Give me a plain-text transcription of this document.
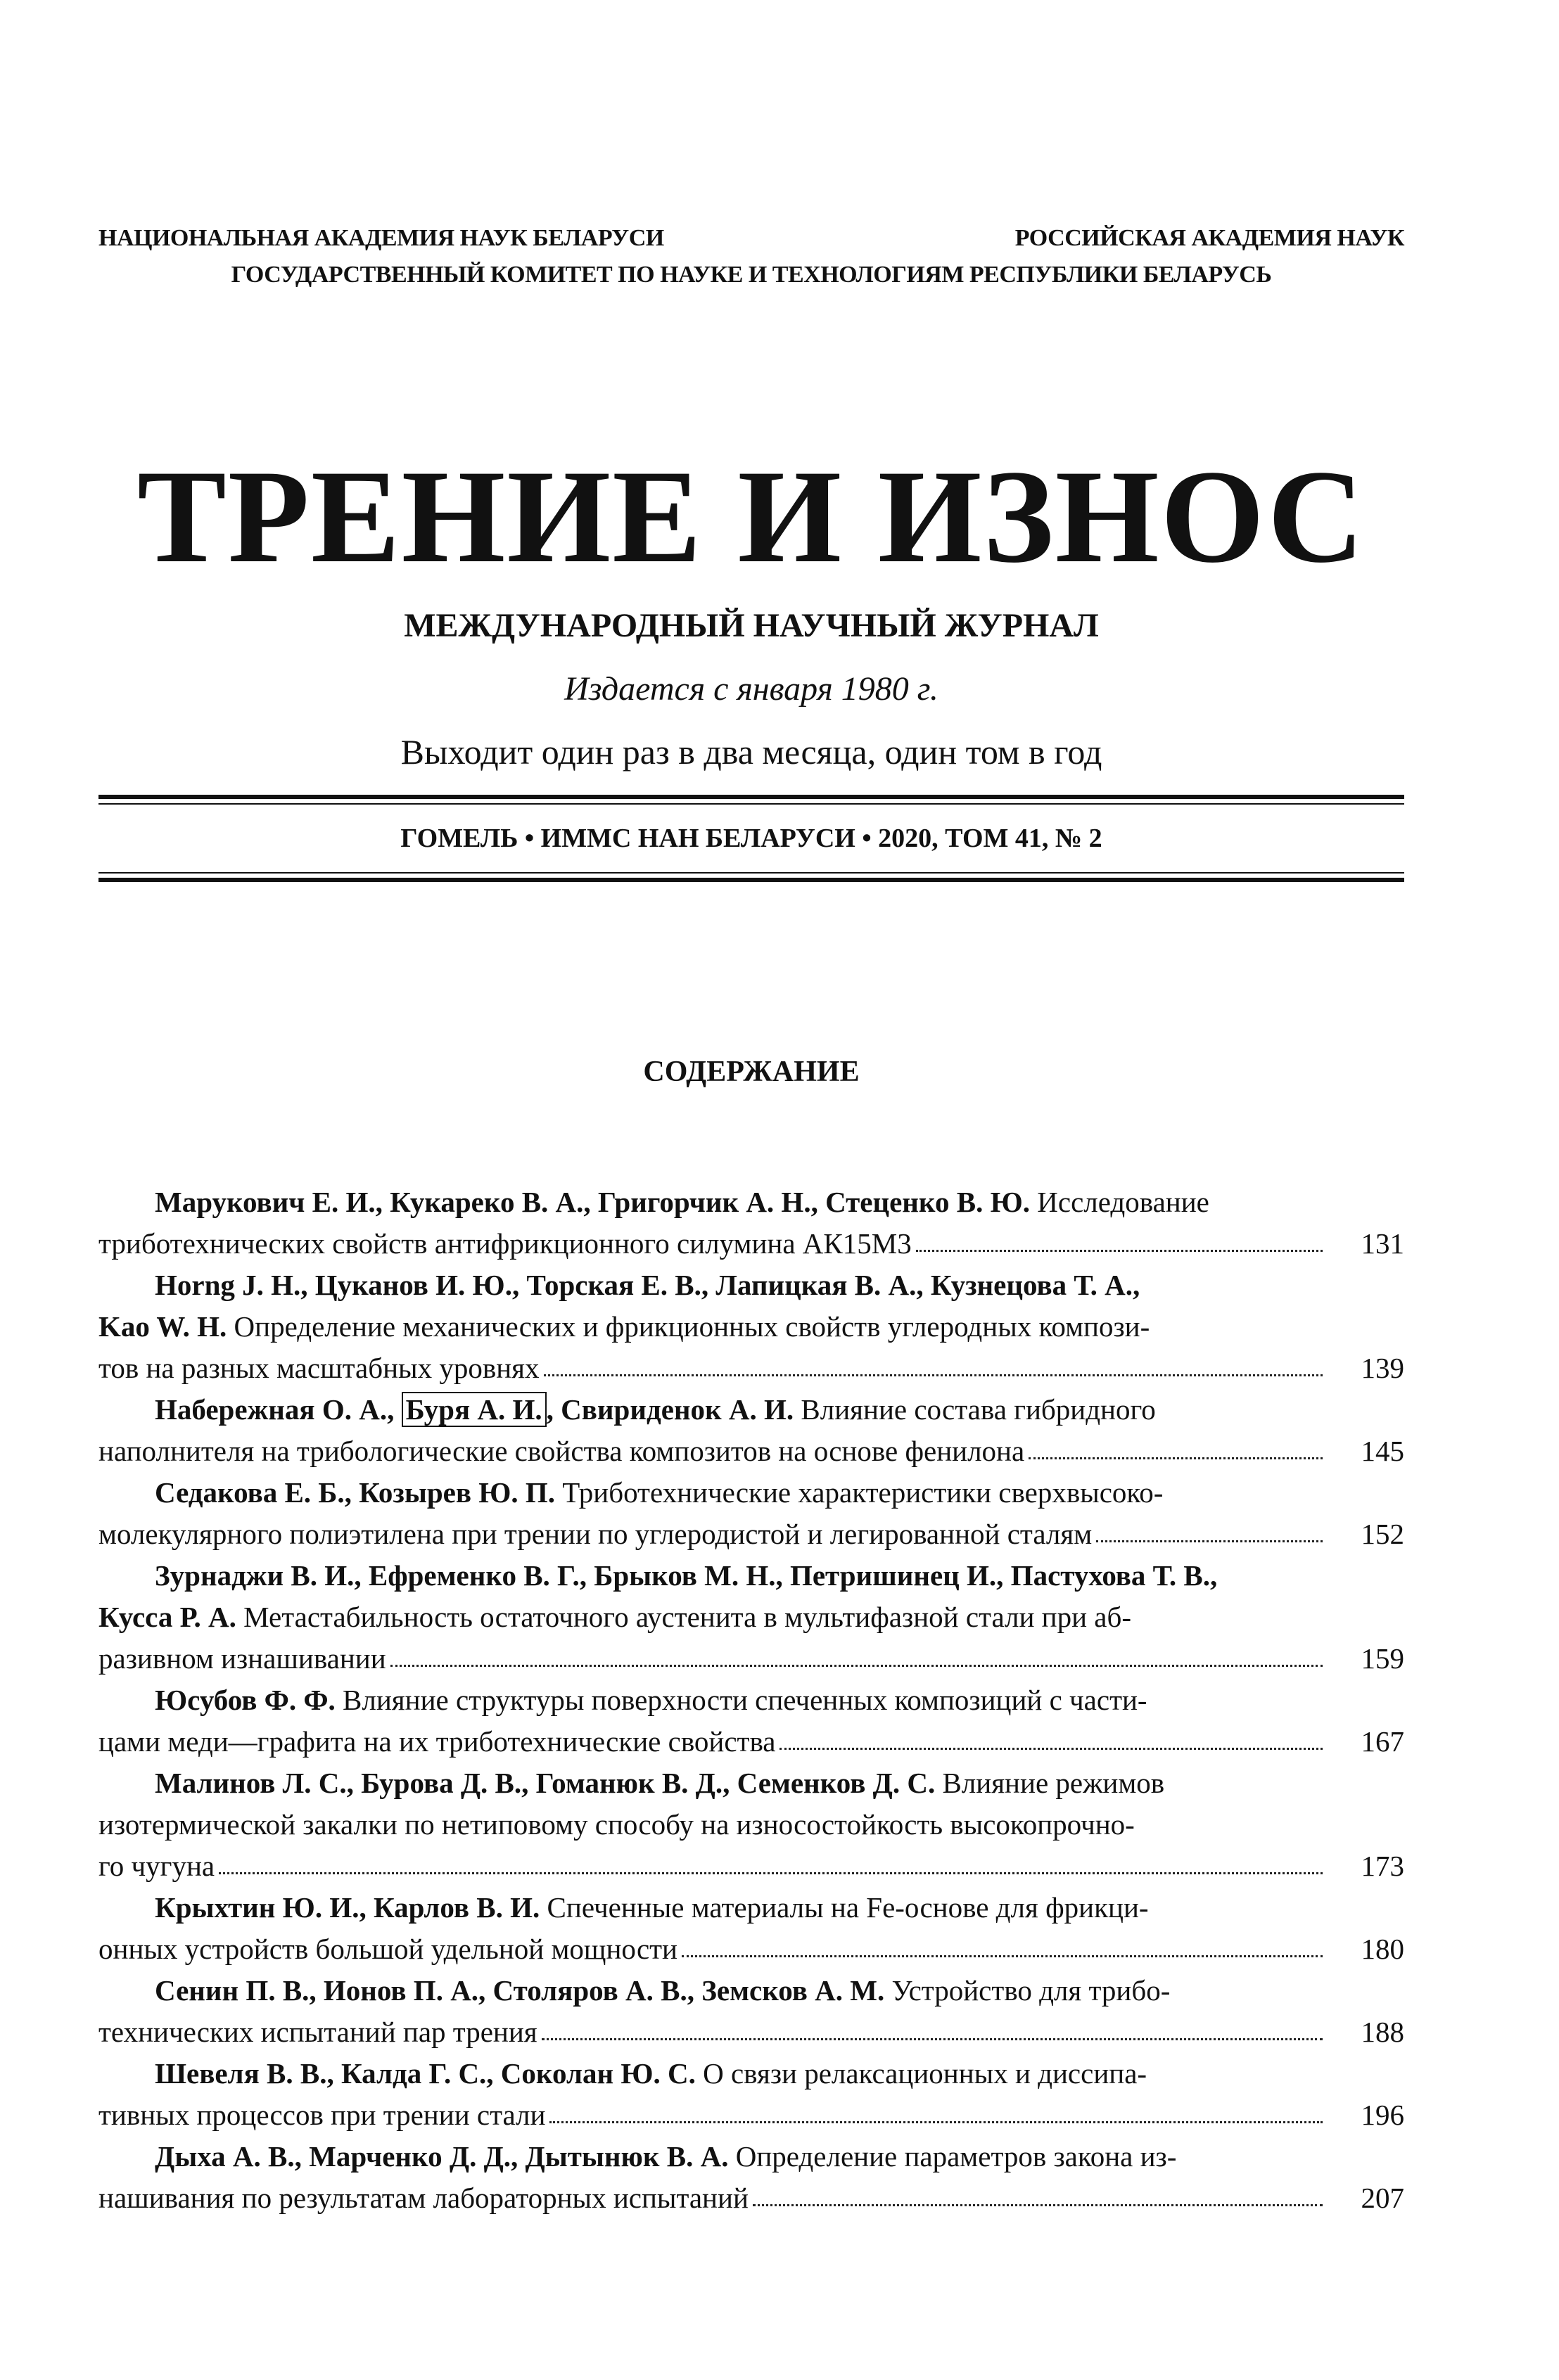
НАЦИОНАЛЬНАЯ АКАДЕМИЯ НАУК БЕЛАРУСИ	РОССИЙСКАЯ АКАДЕМИЯ НАУК
ГОСУДАРСТВЕННЫЙ КОМИТЕТ ПО НАУКЕ И ТЕХНОЛОГИЯМ РЕСПУБЛИКИ БЕЛАРУСЬ
ТРЕНИЕ И ИЗНОС
МЕЖДУНАРОДНЫЙ НАУЧНЫЙ ЖУРНАЛ
Издается с января 1980 г.
Выходит один раз в два месяца, один том в год
ГОМЕЛЬ • ИММС НАН БЕЛАРУСИ • 2020, ТОМ 41, № 2
СОДЕРЖАНИЕ
Марукович Е. И., Кукареко В. А., Григорчик А. Н., Стеценко В. Ю. Исследование
триботехнических свойств антифрикционного силумина АК15М3	131
Horng J. H., Цуканов И. Ю., Торская Е. В., Лапицкая В. А., Кузнецова Т. А.,
Kao W. H. Определение механических и фрикционных свойств углеродных компози-
тов на разных масштабных уровнях	139
Набережная О. А., Буря А. И. , Свириденок А. И. Влияние состава гибридного
наполнителя на трибологические свойства композитов на основе фенилона	145
Седакова Е. Б., Козырев Ю. П. Триботехнические характеристики сверхвысоко-
молекулярного полиэтилена при трении по углеродистой и легированной сталям	152
Зурнаджи В. И., Ефременко В. Г., Брыков М. Н., Петришинец И., Пастухова Т. В.,
Кусса Р. А. Метастабильность остаточного аустенита в мультифазной стали при аб-
разивном изнашивании	159
Юсубов Ф. Ф. Влияние структуры поверхности спеченных композиций с части-
цами меди—графита на их триботехнические свойства	167
Малинов Л. С., Бурова Д. В., Гоманюк В. Д., Семенков Д. С. Влияние режимов
изотермической закалки по нетиповому способу на износостойкость высокопрочно-
го чугуна	173
Крыхтин Ю. И., Карлов В. И. Спеченные материалы на Fe-основе для фрикци-
онных устройств большой удельной мощности	180
Сенин П. В., Ионов П. А., Столяров А. В., Земсков А. М. Устройство для трибо-
технических испытаний пар трения	188
Шевеля В. В., Калда Г. С., Соколан Ю. С. О связи релаксационных и диссипа-
тивных процессов при трении стали	196
Дыха А. В., Марченко Д. Д., Дытынюк В. А. Определение параметров закона из-
нашивания по результатам лабораторных испытаний	207
